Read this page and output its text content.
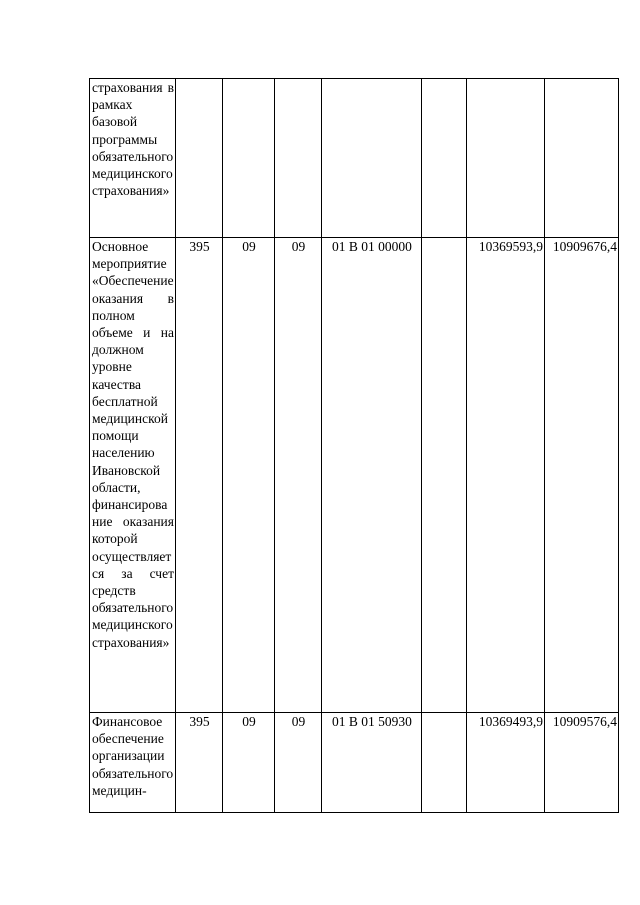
страхования в рамках базовой программы обязательного медицинского страхования»							
Основное мероприятие «Обеспечение оказания в полном объеме и на должном уровне качества бесплатной медицинской помощи населению Ивановской области, финансирование оказания которой осуществляется за счет средств обязательного медицинского страхования»	395	09	09	01 В 01 00000		10369593,9	10909676,4
Финансовое обеспечение организации обязательного медицин-	395	09	09	01 В 01 50930		10369493,9	10909576,4
